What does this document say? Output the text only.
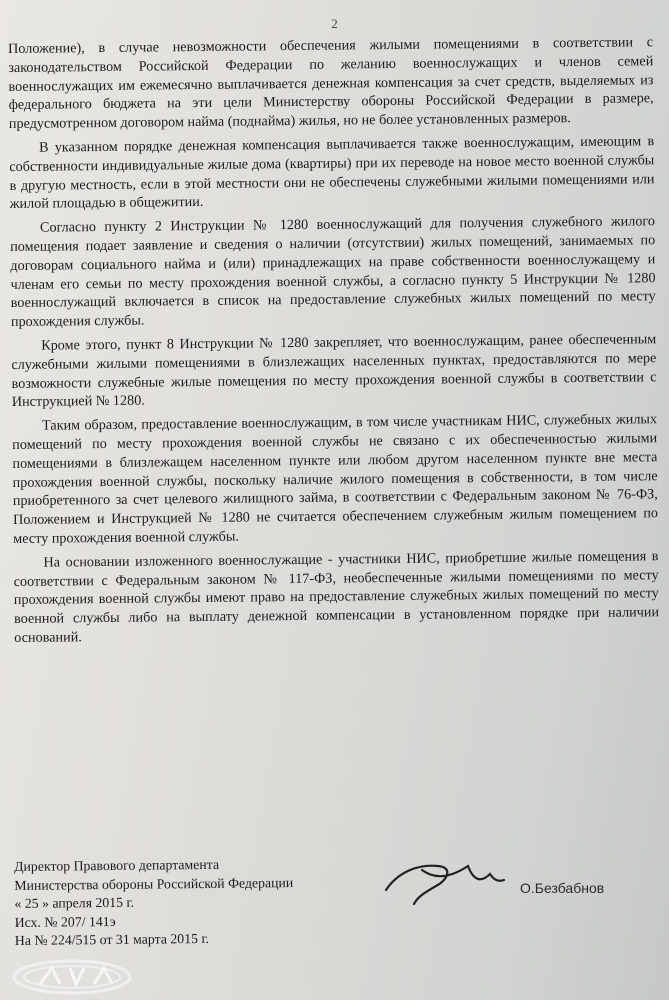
2

Положение), в случае невозможности обеспечения жилыми помещениями в соответствии с законодательством Российской Федерации по желанию военнослужащих и членов семей военнослужащих им ежемесячно выплачивается денежная компенсация за счет средств, выделяемых из федерального бюджета на эти цели Министерству обороны Российской Федерации в размере, предусмотренном договором найма (поднайма) жилья, но не более установленных размеров.

В указанном порядке денежная компенсация выплачивается также военнослужащим, имеющим в собственности индивидуальные жилые дома (квартиры) при их переводе на новое место военной службы в другую местность, если в этой местности они не обеспечены служебными жилыми помещениями или жилой площадью в общежитии.

Согласно пункту 2 Инструкции № 1280 военнослужащий для получения служебного жилого помещения подает заявление и сведения о наличии (отсутствии) жилых помещений, занимаемых по договорам социального найма и (или) принадлежащих на праве собственности военнослужащему и членам его семьи по месту прохождения военной службы, а согласно пункту 5 Инструкции № 1280 военнослужащий включается в список на предоставление служебных жилых помещений по месту прохождения службы.

Кроме этого, пункт 8 Инструкции № 1280 закрепляет, что военнослужащим, ранее обеспеченным служебными жилыми помещениями в близлежащих населенных пунктах, предоставляются по мере возможности служебные жилые помещения по месту прохождения военной службы в соответствии с Инструкцией № 1280.

Таким образом, предоставление военнослужащим, в том числе участникам НИС, служебных жилых помещений по месту прохождения военной службы не связано с их обеспеченностью жилыми помещениями в близлежащем населенном пункте или любом другом населенном пункте вне места прохождения военной службы, поскольку наличие жилого помещения в собственности, в том числе приобретенного за счет целевого жилищного займа, в соответствии с Федеральным законом № 76-ФЗ, Положением и Инструкцией № 1280 не считается обеспечением служебным жилым помещением по месту прохождения военной службы.

На основании изложенного военнослужащие - участники НИС, приобретшие жилые помещения в соответствии с Федеральным законом № 117-ФЗ, необеспеченные жилыми помещениями по месту прохождения военной службы имеют право на предоставление служебных жилых помещений по месту военной службы либо на выплату денежной компенсации в установленном порядке при наличии оснований.

Директор Правового департамента
Министерства обороны Российской Федерации
« 25 » апреля 2015 г.
Исх. № 207/ 141э
На № 224/515 от 31 марта 2015 г.
О.Безбабнов
